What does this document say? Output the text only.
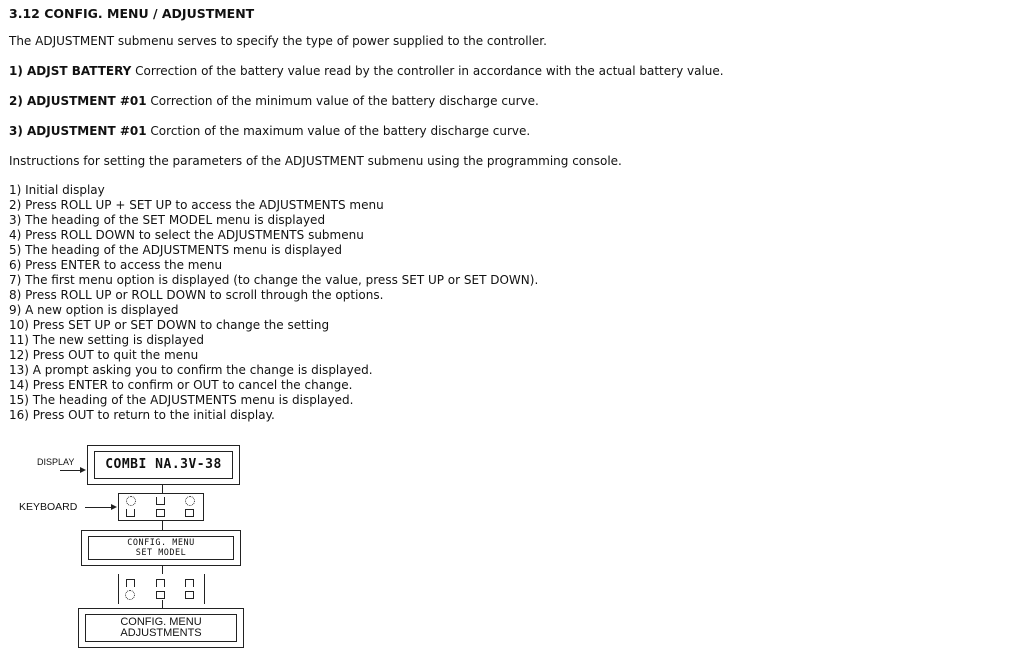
3.12 CONFIG. MENU / ADJUSTMENT
The ADJUSTMENT submenu serves to specify the type of power supplied to the controller.
1) ADJST BATTERY Correction of the battery value read by the controller in accordance with the actual battery value.
2) ADJUSTMENT #01 Correction of the minimum value of the battery discharge curve.
3) ADJUSTMENT #01 Corction of the maximum value of the battery discharge curve.
Instructions for setting the parameters of the ADJUSTMENT submenu using the programming console.
1) Initial display
2) Press ROLL UP + SET UP to access the ADJUSTMENTS menu
3) The heading of the SET MODEL menu is displayed
4) Press ROLL DOWN to select the ADJUSTMENTS submenu
5) The heading of the ADJUSTMENTS menu is displayed
6) Press ENTER to access the menu
7) The first menu option is displayed (to change the value, press SET UP or SET DOWN).
8) Press ROLL UP or ROLL DOWN to scroll through the options.
9) A new option is displayed
10) Press SET UP or SET DOWN to change the setting
11) The new setting is displayed
12) Press OUT to quit the menu
13) A prompt asking you to confirm the change is displayed.
14) Press ENTER to confirm or OUT to cancel the change.
15) The heading of the ADJUSTMENTS menu is displayed.
16) Press OUT to return to the initial display.
DISPLAY COMBI NA.3V-38
KEYBOARD
CONFIG. MENU
SET MODEL
CONFIG. MENU
ADJUSTMENTS
